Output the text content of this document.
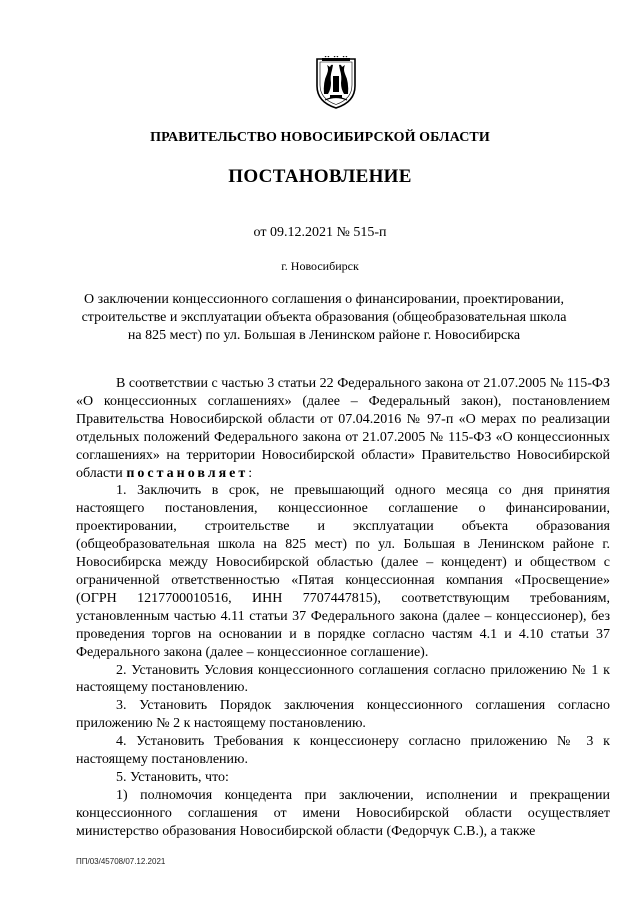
ПРАВИТЕЛЬСТВО НОВОСИБИРСКОЙ ОБЛАСТИ
ПОСТАНОВЛЕНИЕ
от 09.12.2021 № 515-п
г. Новосибирск
О заключении концессионного соглашения о финансировании, проектировании, строительстве и эксплуатации объекта образования (общеобразовательная школа на 825 мест) по ул. Большая в Ленинском районе г. Новосибирска

В соответствии с частью 3 статьи 22 Федерального закона от 21.07.2005 № 115-ФЗ «О концессионных соглашениях» (далее – Федеральный закон), постановлением Правительства Новосибирской области от 07.04.2016 № 97-п «О мерах по реализации отдельных положений Федерального закона от 21.07.2005 № 115-ФЗ «О концессионных соглашениях» на территории Новосибирской области» Правительство Новосибирской области постановляет:

1. Заключить в срок, не превышающий одного месяца со дня принятия настоящего постановления, концессионное соглашение о финансировании, проектировании, строительстве и эксплуатации объекта образования (общеобразовательная школа на 825 мест) по ул. Большая в Ленинском районе г. Новосибирска между Новосибирской областью (далее – концедент) и обществом с ограниченной ответственностью «Пятая концессионная компания «Просвещение» (ОГРН 1217700010516, ИНН 7707447815), соответствующим требованиям, установленным частью 4.11 статьи 37 Федерального закона (далее – концессионер), без проведения торгов на основании и в порядке согласно частям 4.1 и 4.10 статьи 37 Федерального закона (далее – концессионное соглашение).

2. Установить Условия концессионного соглашения согласно приложению № 1 к настоящему постановлению.

3. Установить Порядок заключения концессионного соглашения согласно приложению № 2 к настоящему постановлению.

4. Установить Требования к концессионеру согласно приложению № 3 к настоящему постановлению.

5. Установить, что:

1) полномочия концедента при заключении, исполнении и прекращении концессионного соглашения от имени Новосибирской области осуществляет министерство образования Новосибирской области (Федорчук С.В.), а также

ПП/03/45708/07.12.2021
